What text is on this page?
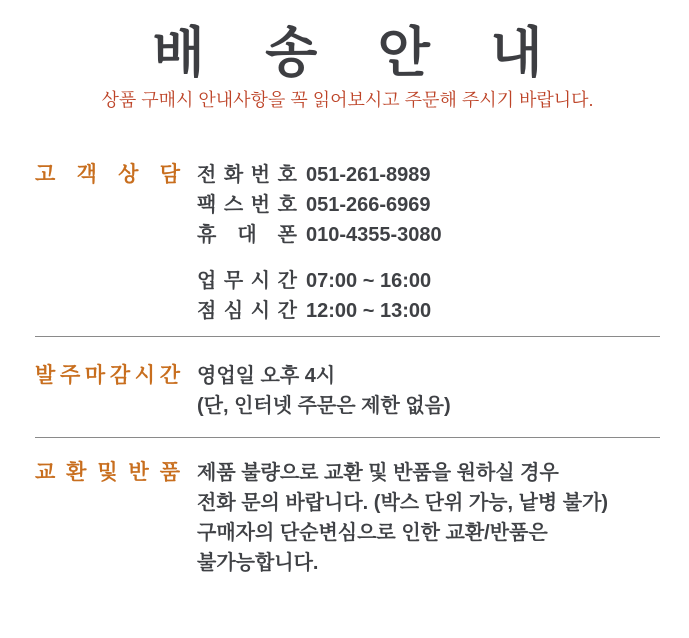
배 송 안 내

상품 구매시 안내사항을 꼭 읽어보시고 주문해 주시기 바랍니다.

고 객 상 담 전 화 번 호 051-261-8989
팩 스 번 호 051-266-6969
휴 대 폰 010-4355-3080
업 무 시 간 07:00 ~ 16:00
점 심 시 간 12:00 ~ 13:00
발 주 마 감 시 간 영업일 오후 4시
(단, 인터넷 주문은 제한 없음)
교 환 및 반 품 제품 불량으로 교환 및 반품을 원하실 경우
전화 문의 바랍니다. (박스 단위 가능, 낱병 불가)
구매자의 단순변심으로 인한 교환/반품은
불가능합니다.
